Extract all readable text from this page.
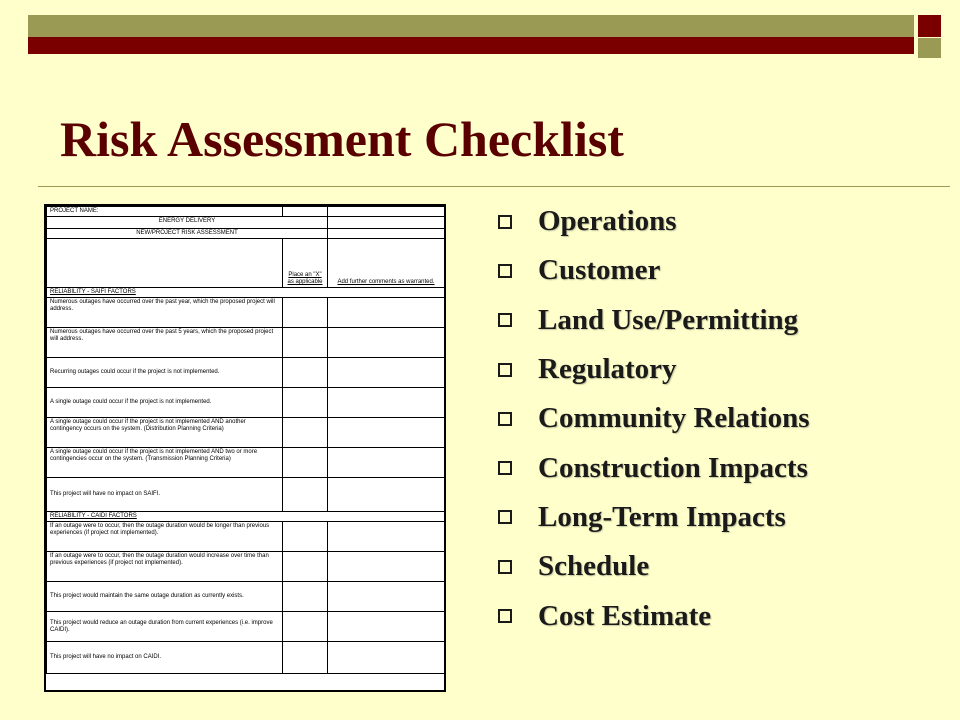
Risk Assessment Checklist
PROJECT NAME:		
ENERGY DELIVERY		
NEW/PROJECT RISK ASSESSMENT		
	Place an "X" as applicable	Add further comments as warranted.
RELIABILITY - SAIFI FACTORS		
Numerous outages have occurred over the past year, which the proposed project will address.		
Numerous outages have occurred over the past 5 years, which the proposed project will address.		
Recurring outages could occur if the project is not implemented.		
A single outage could occur if the project is not implemented.		
A single outage could occur if the project is not implemented AND another contingency occurs on the system. (Distribution Planning Criteria)		
A single outage could occur if the project is not implemented AND two or more contingencies occur on the system. (Transmission Planning Criteria)		
This project will have no impact on SAIFI.		
RELIABILITY - CAIDI FACTORS		
If an outage were to occur, then the outage duration would be longer than previous experiences (if project not implemented).		
If an outage were to occur, then the outage duration would increase over time than previous experiences (if project not implemented).		
This project would maintain the same outage duration as currently exists.		
This project would reduce an outage duration from current experiences (i.e. improve CAIDI).		
This project will have no impact on CAIDI.		
Operations
Customer
Land Use/Permitting
Regulatory
Community Relations
Construction Impacts
Long-Term Impacts
Schedule
Cost Estimate
